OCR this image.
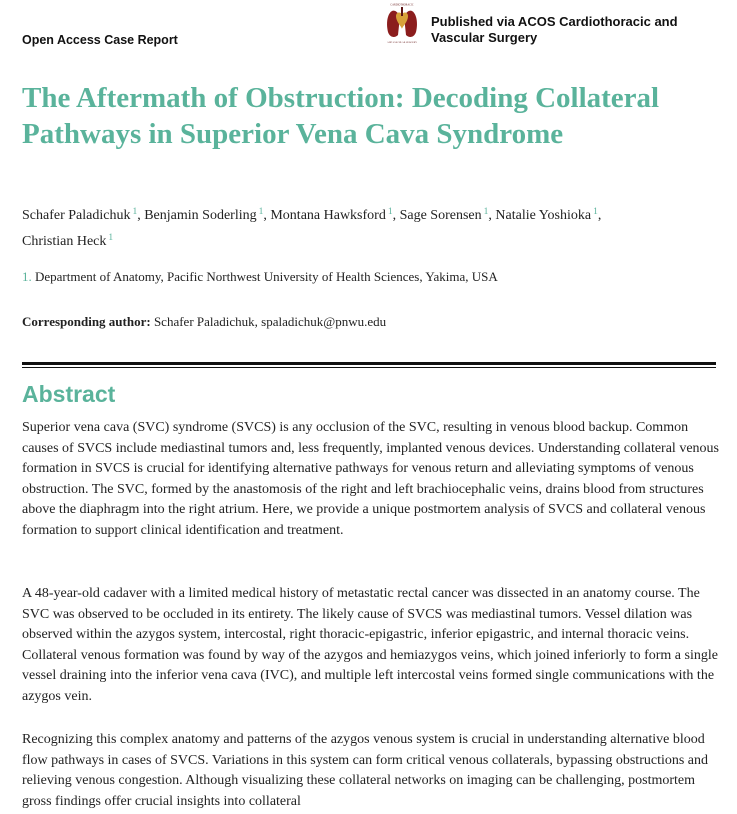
Open Access Case Report
CARDIOTHORACIC
AND VASCULAR SURGERY
Published via ACOS Cardiothoracic and
Vascular Surgery
The Aftermath of Obstruction: Decoding Collateral Pathways in Superior Vena Cava Syndrome
Schafer Paladichuk $^1$, Benjamin Soderling $^1$, Montana Hawksford $^1$, Sage Sorensen $^1$, Natalie Yoshioka $^1$,
Christian Heck $^1$
1. Department of Anatomy, Pacific Northwest University of Health Sciences, Yakima, USA
Corresponding author: Schafer Paladichuk, spaladichuk@pnwu.edu
Abstract

Superior vena cava (SVC) syndrome (SVCS) is any occlusion of the SVC, resulting in venous blood backup. Common causes of SVCS include mediastinal tumors and, less frequently, implanted venous devices. Understanding collateral venous formation in SVCS is crucial for identifying alternative pathways for venous return and alleviating symptoms of venous obstruction. The SVC, formed by the anastomosis of the right and left brachiocephalic veins, drains blood from structures above the diaphragm into the right atrium. Here, we provide a unique postmortem analysis of SVCS and collateral venous formation to support clinical identification and treatment.

A 48-year-old cadaver with a limited medical history of metastatic rectal cancer was dissected in an anatomy course. The SVC was observed to be occluded in its entirety. The likely cause of SVCS was mediastinal tumors. Vessel dilation was observed within the azygos system, intercostal, right thoracic-epigastric, inferior epigastric, and internal thoracic veins. Collateral venous formation was found by way of the azygos and hemiazygos veins, which joined inferiorly to form a single vessel draining into the inferior vena cava (IVC), and multiple left intercostal veins formed single communications with the azygos vein.

Recognizing this complex anatomy and patterns of the azygos venous system is crucial in understanding alternative blood flow pathways in cases of SVCS. Variations in this system can form critical venous collaterals, bypassing obstructions and relieving venous congestion. Although visualizing these collateral networks on imaging can be challenging, postmortem gross findings offer crucial insights into collateral
